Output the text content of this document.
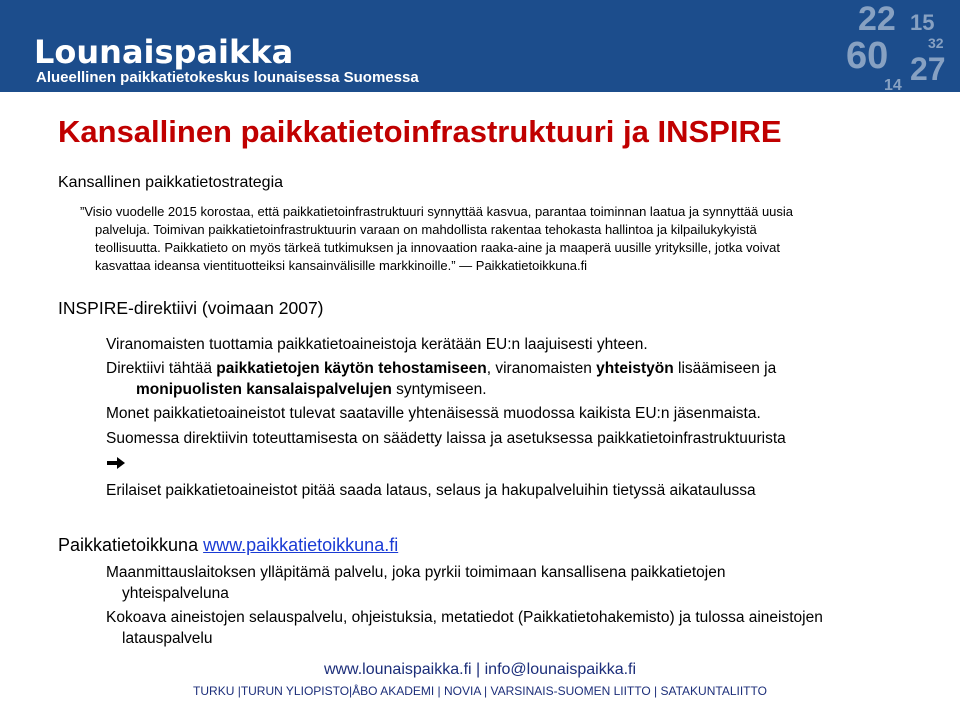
Lounaispaikka
Alueellinen paikkatietokeskus lounaisessa Suomessa
22 15
60	32
27
14
Kansallinen paikkatietoinfrastruktuuri ja INSPIRE
Kansallinen paikkatietostrategia
”Visio vuodelle 2015 korostaa, että paikkatietoinfrastruktuuri synnyttää kasvua, parantaa toiminnan laatua ja synnyttää uusia
palveluja. Toimivan paikkatietoinfrastruktuurin varaan on mahdollista rakentaa tehokasta hallintoa ja kilpailukykyistä
teollisuutta. Paikkatieto on myös tärkeä tutkimuksen ja innovaation raaka-aine ja maaperä uusille yrityksille, jotka voivat
kasvattaa ideansa vientituotteiksi kansainvälisille markkinoille.” — Paikkatietoikkuna.fi
INSPIRE-direktiivi (voimaan 2007)
Viranomaisten tuottamia paikkatietoaineistoja kerätään EU:n laajuisesti yhteen.
Direktiivi tähtää paikkatietojen käytön tehostamiseen, viranomaisten yhteistyön lisäämiseen ja
monipuolisten kansalaispalvelujen syntymiseen.
Monet paikkatietoaineistot tulevat saataville yhtenäisessä muodossa kaikista EU:n jäsenmaista.
Suomessa direktiivin toteuttamisesta on säädetty laissa ja asetuksessa paikkatietoinfrastruktuurista
Erilaiset paikkatietoaineistot pitää saada lataus, selaus ja hakupalveluihin tietyssä aikataulussa
Paikkatietoikkuna www.paikkatietoikkuna.fi
Maanmittauslaitoksen ylläpitämä palvelu, joka pyrkii toimimaan kansallisena paikkatietojen
yhteispalveluna
Kokoava aineistojen selauspalvelu, ohjeistuksia, metatiedot (Paikkatietohakemisto) ja tulossa aineistojen
latauspalvelu
www.lounaispaikka.fi | info@lounaispaikka.fi
TURKU |TURUN YLIOPISTO|ÅBO AKADEMI | NOVIA | VARSINAIS-SUOMEN LIITTO | SATAKUNTALIITTO
